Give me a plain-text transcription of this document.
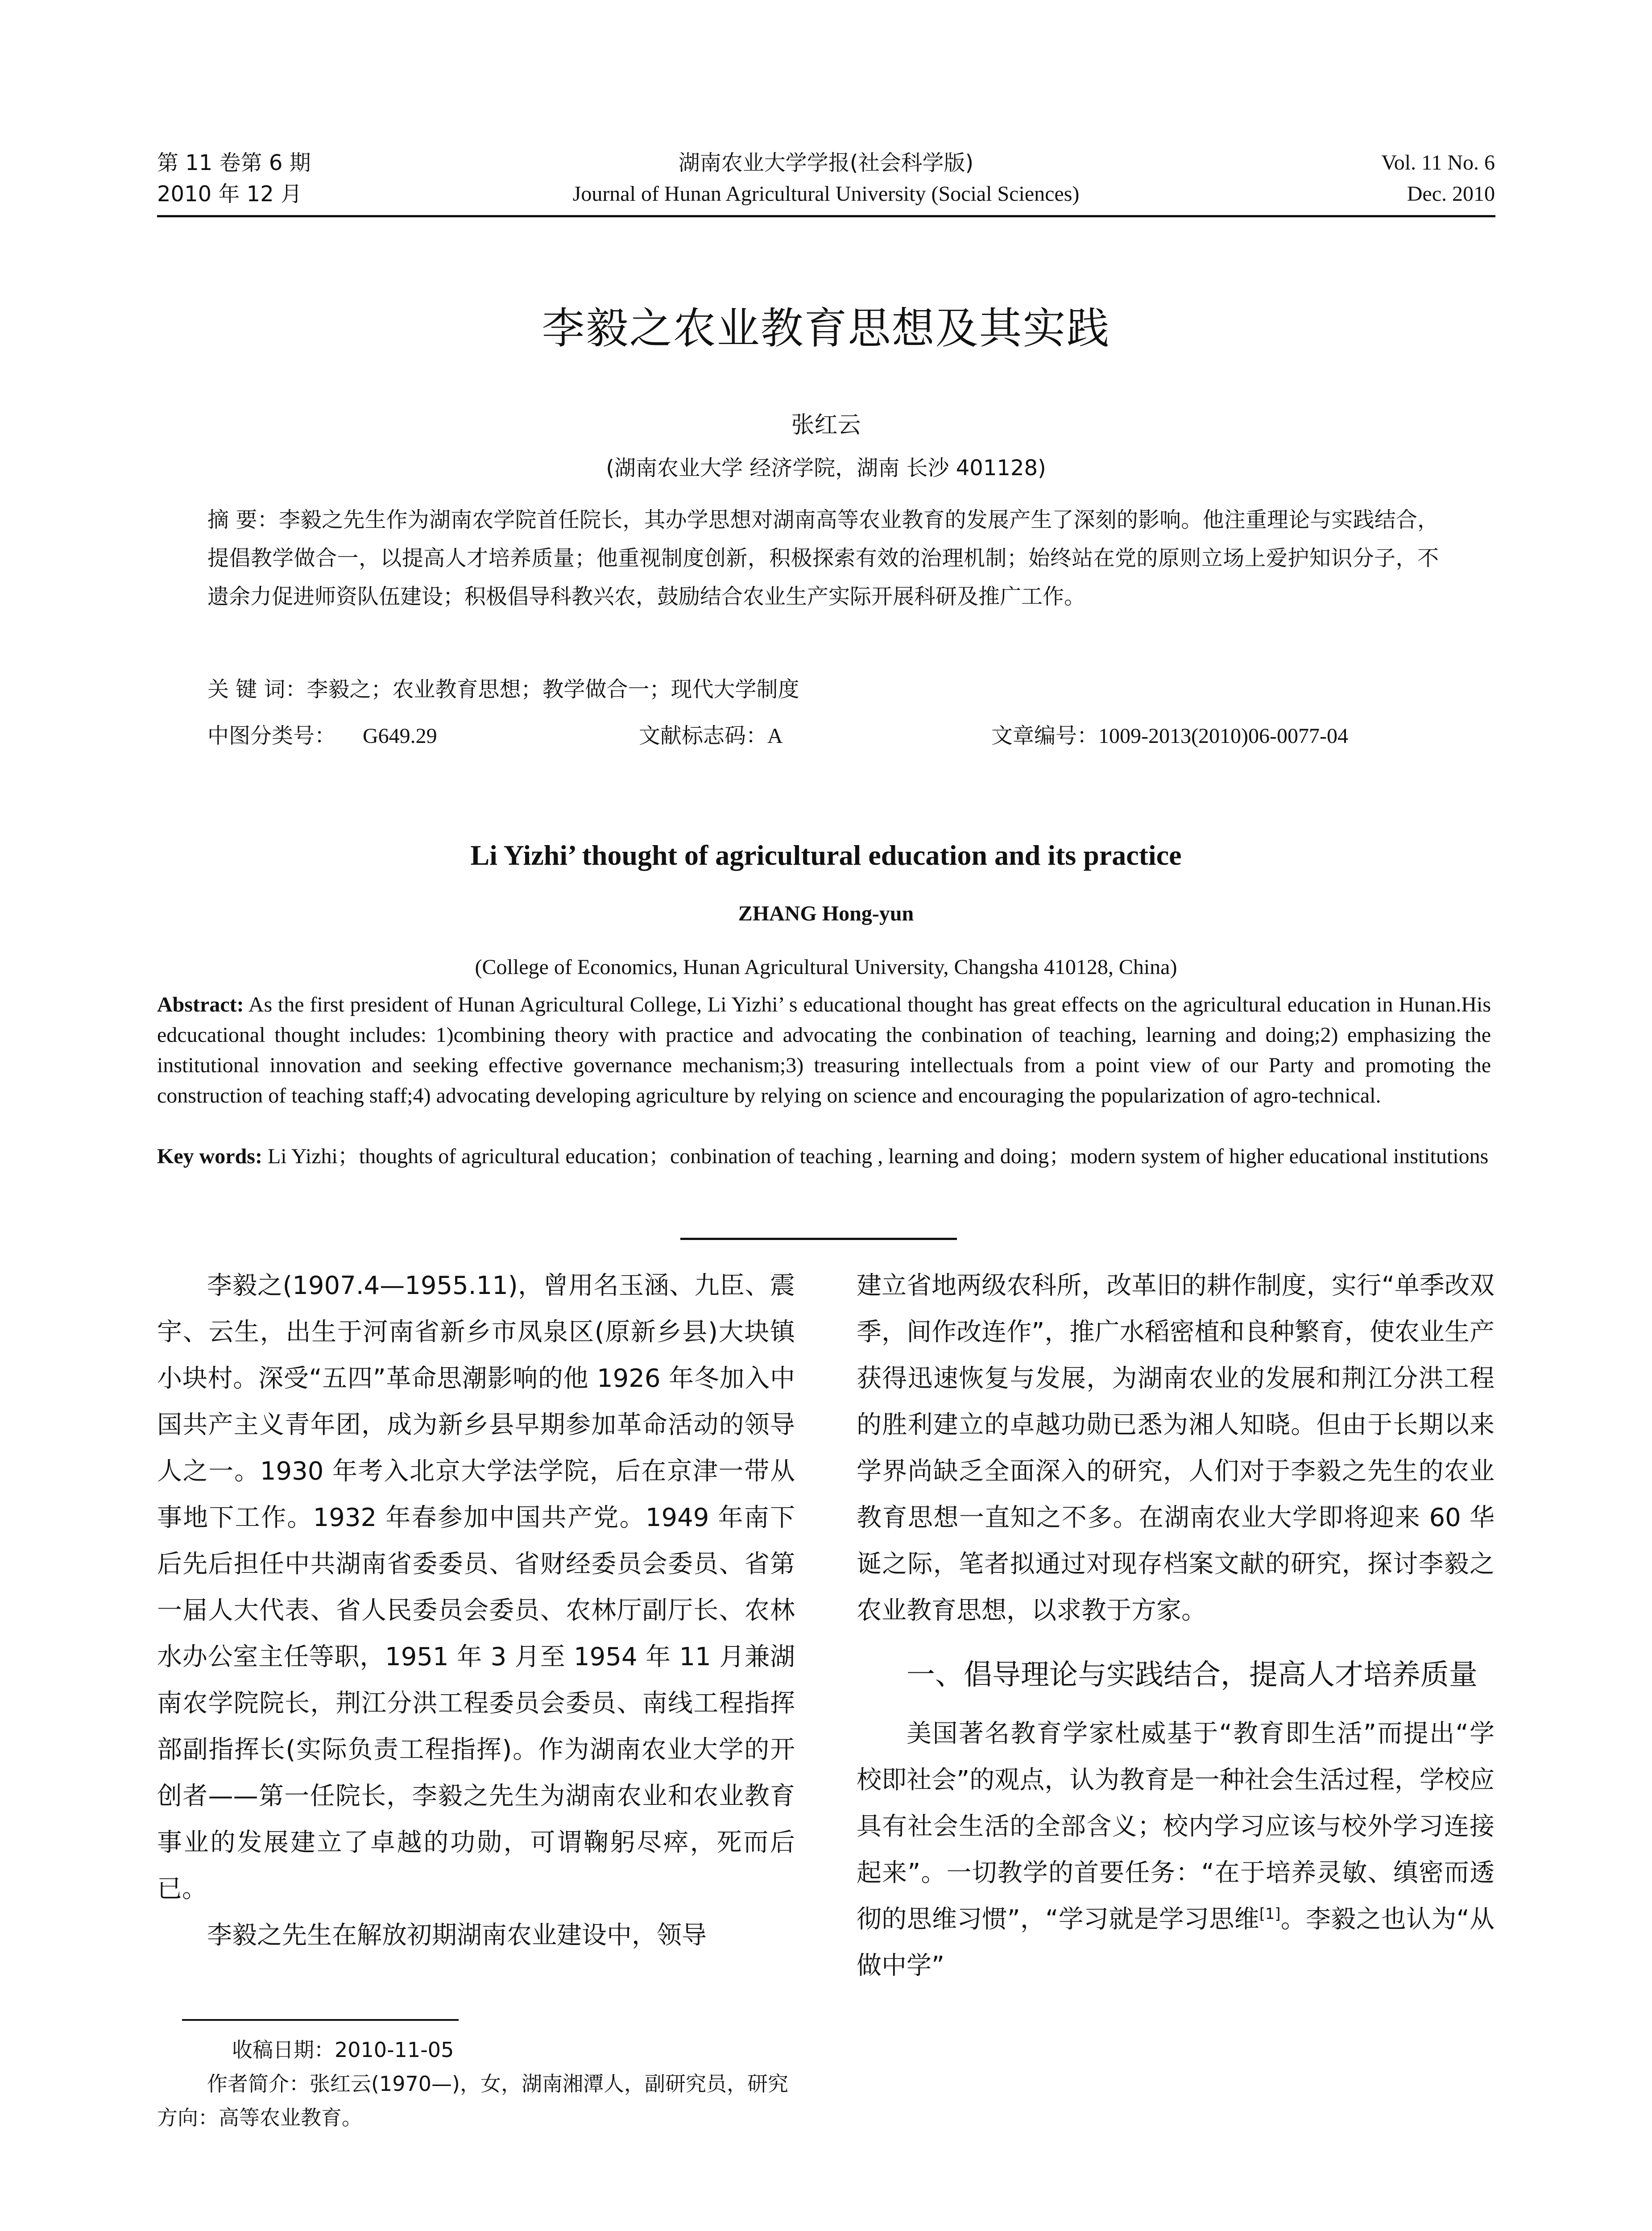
第 11 卷第 6 期
2010 年 12 月
湖南农业大学学报(社会科学版)
Journal of Hunan Agricultural University (Social Sciences)
Vol. 11 No. 6
Dec. 2010
李毅之农业教育思想及其实践
张红云
(湖南农业大学 经济学院，湖南 长沙 401128)
摘 要：李毅之先生作为湖南农学院首任院长，其办学思想对湖南高等农业教育的发展产生了深刻的影响。他注重理论与实践结合，提倡教学做合一，以提高人才培养质量；他重视制度创新，积极探索有效的治理机制；始终站在党的原则立场上爱护知识分子，不遗余力促进师资队伍建设；积极倡导科教兴农，鼓励结合农业生产实际开展科研及推广工作。
关 键 词：李毅之；农业教育思想；教学做合一；现代大学制度
中图分类号： G649.29	文献标志码：A	文章编号：1009-2013(2010)06-0077-04
Li Yizhi’ thought of agricultural education and its practice
ZHANG Hong-yun
(College of Economics, Hunan Agricultural University, Changsha 410128, China)
Abstract: As the first president of Hunan Agricultural College, Li Yizhi’ s educational thought has great effects on the agricultural education in Hunan.His edcucational thought includes: 1)combining theory with practice and advocating the conbination of teaching, learning and doing;2) emphasizing the institutional innovation and seeking effective governance mechanism;3) treasuring intellectuals from a point view of our Party and promoting the construction of teaching staff;4) advocating developing agriculture by relying on science and encouraging the popularization of agro-technical.
Key words: Li Yizhi；thoughts of agricultural education；conbination of teaching , learning and doing；modern system of higher educational institutions

李毅之(1907.4—1955.11)，曾用名玉涵、九臣、震宇、云生，出生于河南省新乡市凤泉区(原新乡县)大块镇小块村。深受“五四”革命思潮影响的他 1926 年冬加入中国共产主义青年团，成为新乡县早期参加革命活动的领导人之一。1930 年考入北京大学法学院，后在京津一带从事地下工作。1932 年春参加中国共产党。1949 年南下后先后担任中共湖南省委委员、省财经委员会委员、省第一届人大代表、省人民委员会委员、农林厅副厅长、农林水办公室主任等职，1951 年 3 月至 1954 年 11 月兼湖南农学院院长，荆江分洪工程委员会委员、南线工程指挥部副指挥长(实际负责工程指挥)。作为湖南农业大学的开创者——第一任院长，李毅之先生为湖南农业和农业教育事业的发展建立了卓越的功勋，可谓鞠躬尽瘁，死而后已。

李毅之先生在解放初期湖南农业建设中，领导

建立省地两级农科所，改革旧的耕作制度，实行“单季改双季，间作改连作”，推广水稻密植和良种繁育，使农业生产获得迅速恢复与发展，为湖南农业的发展和荆江分洪工程的胜利建立的卓越功勋已悉为湘人知晓。但由于长期以来学界尚缺乏全面深入的研究，人们对于李毅之先生的农业教育思想一直知之不多。在湖南农业大学即将迎来 60 华诞之际，笔者拟通过对现存档案文献的研究，探讨李毅之农业教育思想，以求教于方家。

一、倡导理论与实践结合，提高人才培养质量

美国著名教育学家杜威基于“教育即生活”而提出“学校即社会”的观点，认为教育是一种社会生活过程，学校应具有社会生活的全部含义；校内学习应该与校外学习连接起来”。一切教学的首要任务：“在于培养灵敏、缜密而透彻的思维习惯”，“学习就是学习思维[1]。李毅之也认为“从做中学”

收稿日期：2010-11-05
作者简介：张红云(1970—)，女，湖南湘潭人，副研究员，研究方向：高等农业教育。
